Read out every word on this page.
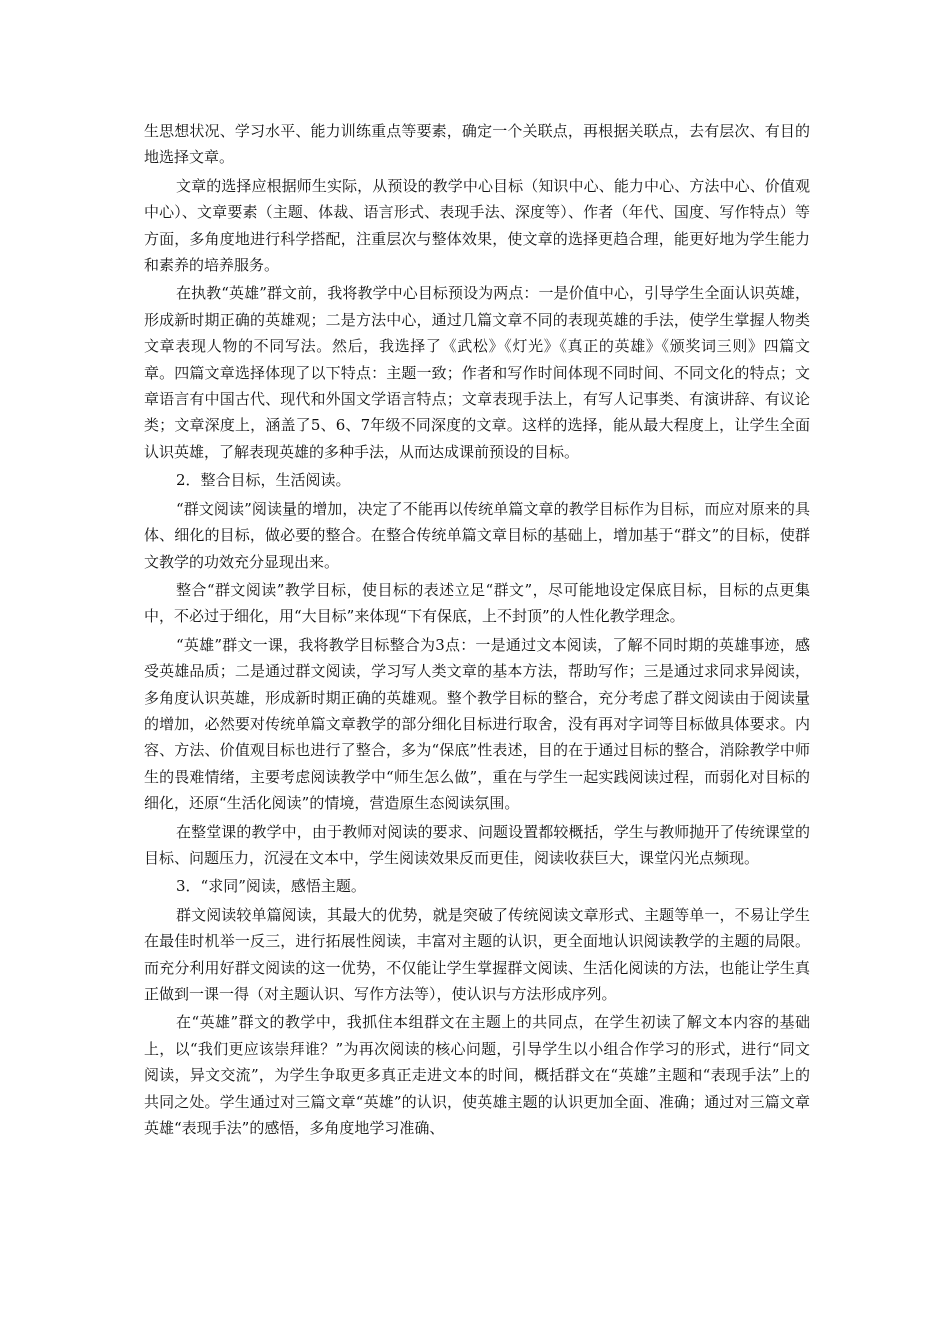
生思想状况、学习水平、能力训练重点等要素，确定一个关联点，再根据关联点，去有层次、有目的地选择文章。

文章的选择应根据师生实际，从预设的教学中心目标（知识中心、能力中心、方法中心、价值观中心）、文章要素（主题、体裁、语言形式、表现手法、深度等）、作者（年代、国度、写作特点）等方面，多角度地进行科学搭配，注重层次与整体效果，使文章的选择更趋合理，能更好地为学生能力和素养的培养服务。

在执教“英雄”群文前，我将教学中心目标预设为两点：一是价值中心，引导学生全面认识英雄，形成新时期正确的英雄观；二是方法中心，通过几篇文章不同的表现英雄的手法，使学生掌握人物类文章表现人物的不同写法。然后，我选择了《武松》《灯光》《真正的英雄》《颁奖词三则》四篇文章。四篇文章选择体现了以下特点：主题一致；作者和写作时间体现不同时间、不同文化的特点；文章语言有中国古代、现代和外国文学语言特点；文章表现手法上，有写人记事类、有演讲辞、有议论类；文章深度上，涵盖了5、6、7年级不同深度的文章。这样的选择，能从最大程度上，让学生全面认识英雄，了解表现英雄的多种手法，从而达成课前预设的目标。

2．整合目标，生活阅读。

“群文阅读”阅读量的增加，决定了不能再以传统单篇文章的教学目标作为目标，而应对原来的具体、细化的目标，做必要的整合。在整合传统单篇文章目标的基础上，增加基于“群文”的目标，使群文教学的功效充分显现出来。

整合“群文阅读”教学目标，使目标的表述立足“群文”，尽可能地设定保底目标，目标的点更集中，不必过于细化，用“大目标”来体现“下有保底，上不封顶”的人性化教学理念。

“英雄”群文一课，我将教学目标整合为3点：一是通过文本阅读，了解不同时期的英雄事迹，感受英雄品质；二是通过群文阅读，学习写人类文章的基本方法，帮助写作；三是通过求同求异阅读，多角度认识英雄，形成新时期正确的英雄观。整个教学目标的整合，充分考虑了群文阅读由于阅读量的增加，必然要对传统单篇文章教学的部分细化目标进行取舍，没有再对字词等目标做具体要求。内容、方法、价值观目标也进行了整合，多为“保底”性表述，目的在于通过目标的整合，消除教学中师生的畏难情绪，主要考虑阅读教学中“师生怎么做”，重在与学生一起实践阅读过程，而弱化对目标的细化，还原“生活化阅读”的情境，营造原生态阅读氛围。

在整堂课的教学中，由于教师对阅读的要求、问题设置都较概括，学生与教师抛开了传统课堂的目标、问题压力，沉浸在文本中，学生阅读效果反而更佳，阅读收获巨大，课堂闪光点频现。

3．“求同”阅读，感悟主题。

群文阅读较单篇阅读，其最大的优势，就是突破了传统阅读文章形式、主题等单一，不易让学生在最佳时机举一反三，进行拓展性阅读，丰富对主题的认识，更全面地认识阅读教学的主题的局限。而充分利用好群文阅读的这一优势，不仅能让学生掌握群文阅读、生活化阅读的方法，也能让学生真正做到一课一得（对主题认识、写作方法等），使认识与方法形成序列。

在“英雄”群文的教学中，我抓住本组群文在主题上的共同点，在学生初读了解文本内容的基础上，以“我们更应该崇拜谁？”为再次阅读的核心问题，引导学生以小组合作学习的形式，进行“同文阅读，异文交流”，为学生争取更多真正走进文本的时间，概括群文在“英雄”主题和“表现手法”上的共同之处。学生通过对三篇文章“英雄”的认识，使英雄主题的认识更加全面、准确；通过对三篇文章英雄“表现手法”的感悟，多角度地学习准确、
